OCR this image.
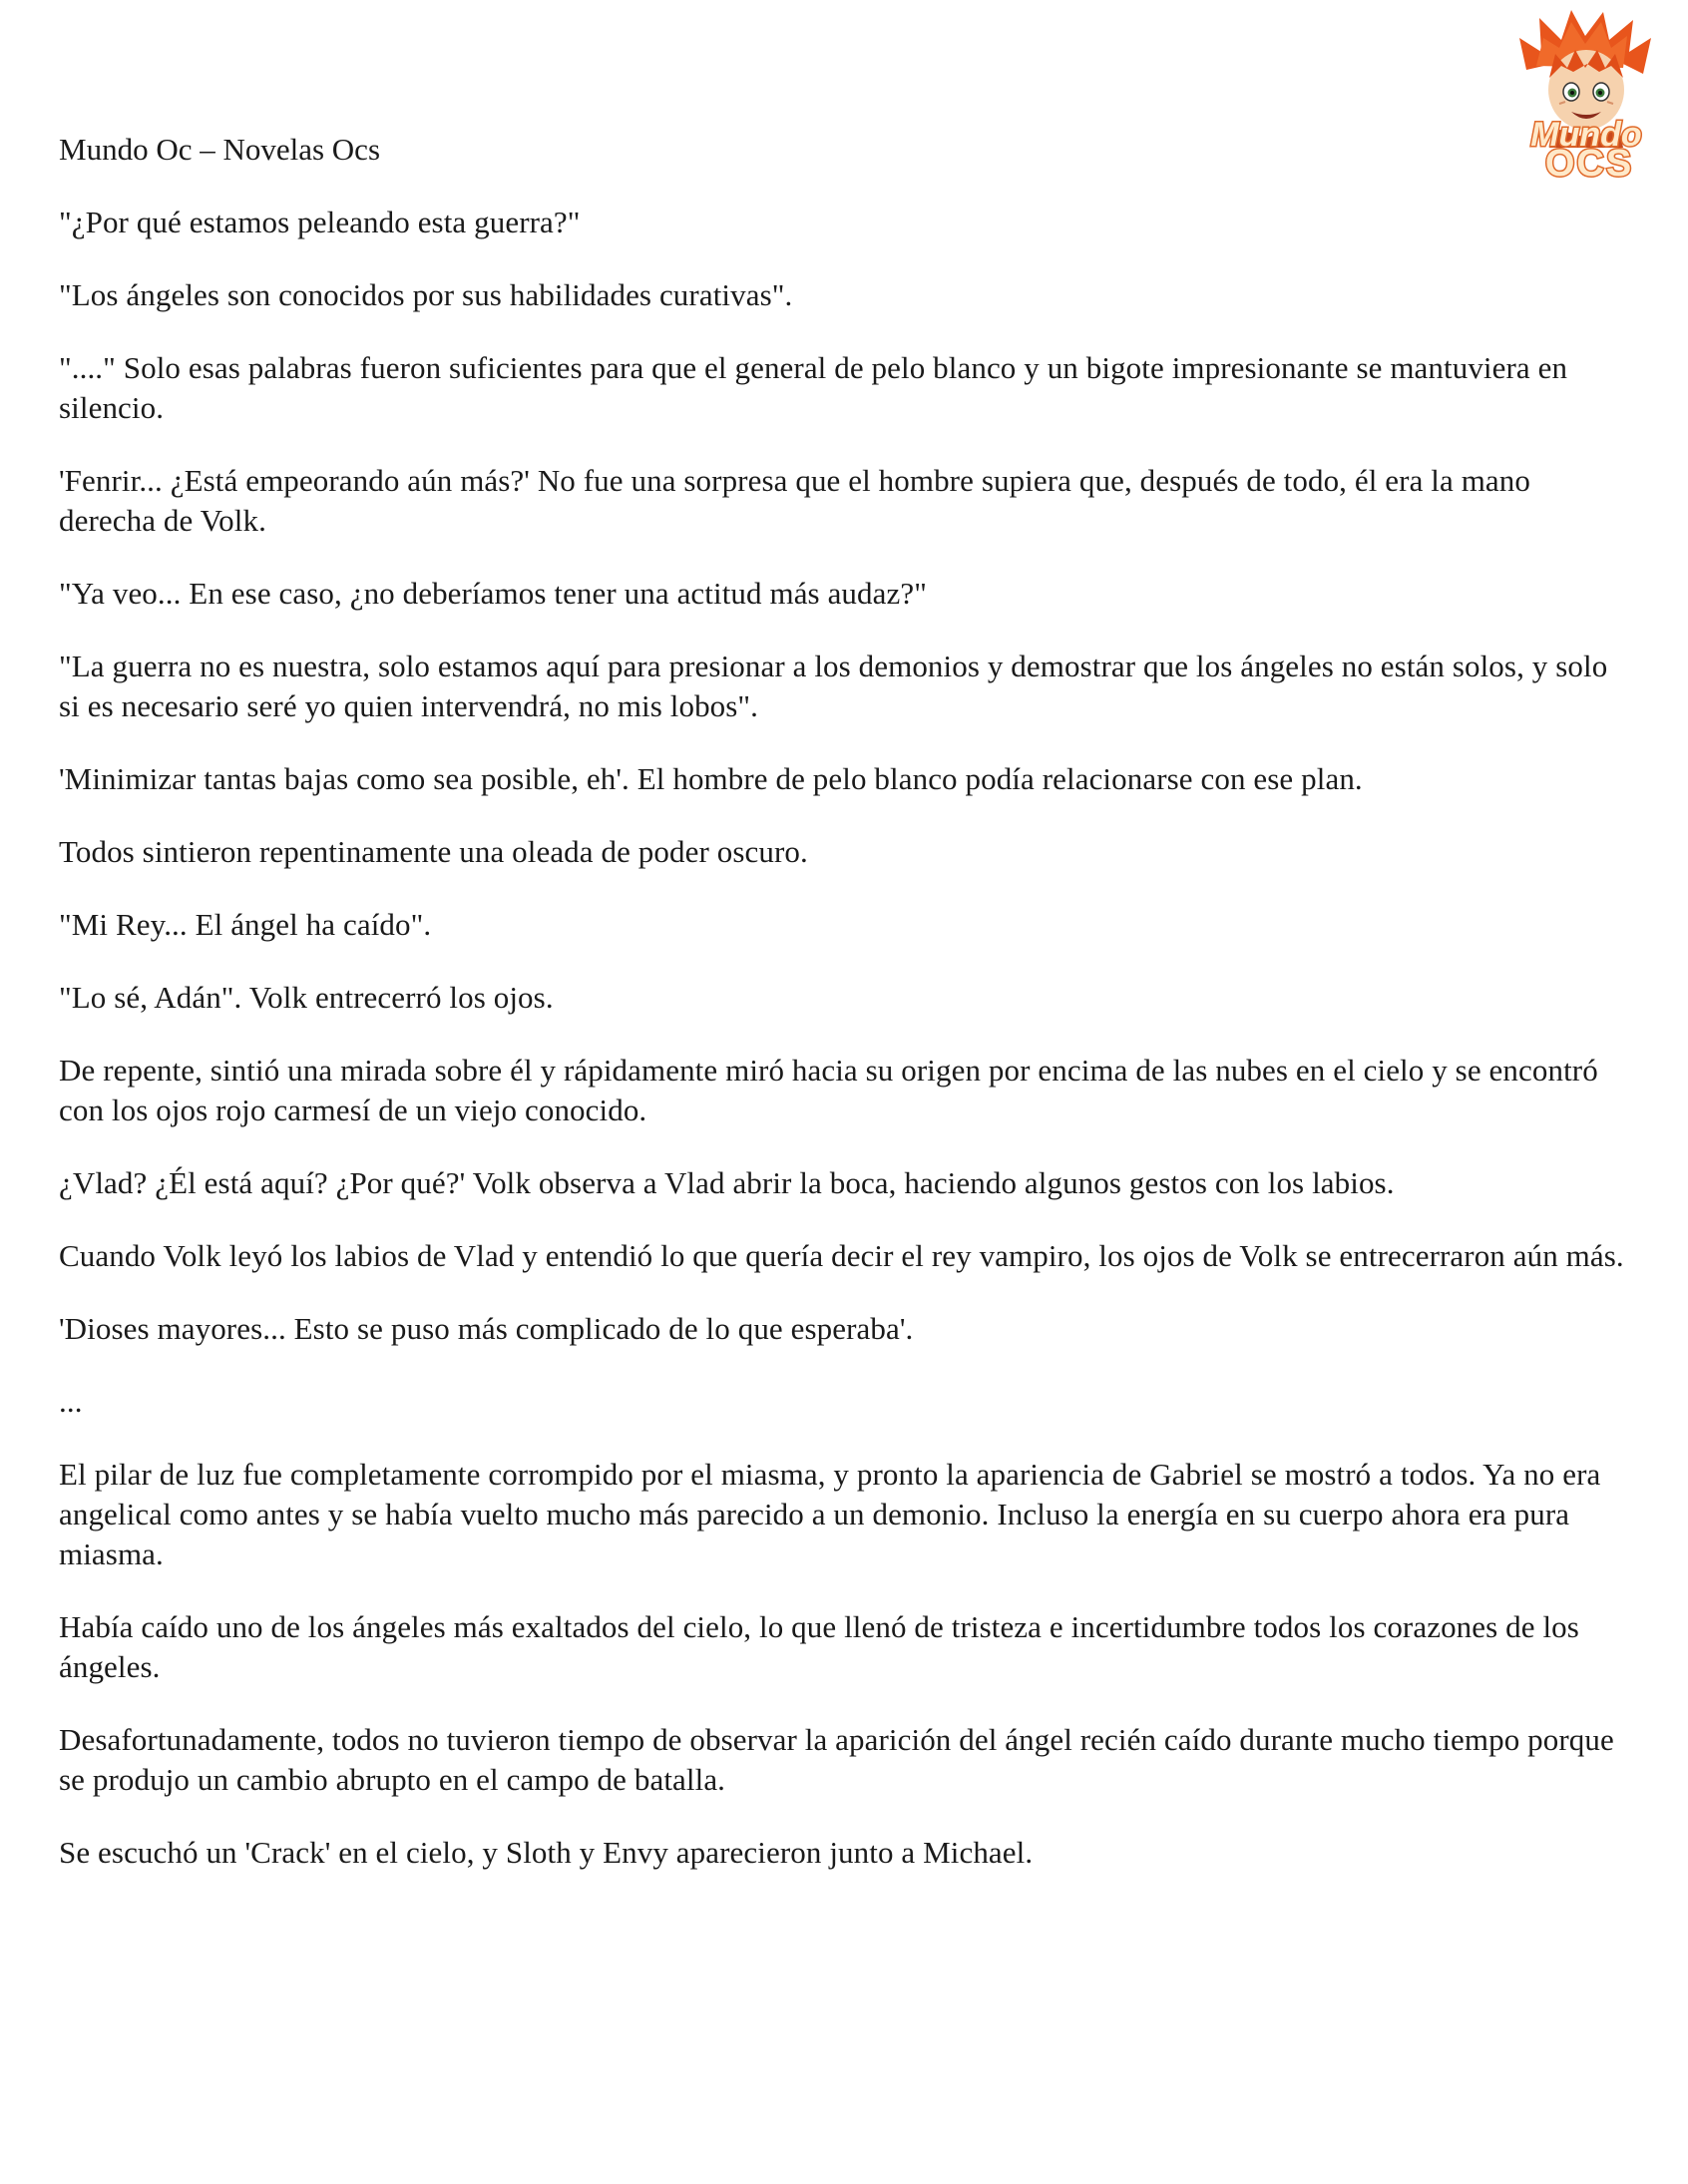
Mundo
OCS
Mundo Oc – Novelas Ocs

"¿Por qué estamos peleando esta guerra?"

"Los ángeles son conocidos por sus habilidades curativas".

"...." Solo esas palabras fueron suficientes para que el general de pelo blanco y un bigote impresionante se mantuviera en silencio.

'Fenrir... ¿Está empeorando aún más?' No fue una sorpresa que el hombre supiera que, después de todo, él era la mano derecha de Volk.

"Ya veo... En ese caso, ¿no deberíamos tener una actitud más audaz?"

"La guerra no es nuestra, solo estamos aquí para presionar a los demonios y demostrar que los ángeles no están solos, y solo si es necesario seré yo quien intervendrá, no mis lobos".

'Minimizar tantas bajas como sea posible, eh'. El hombre de pelo blanco podía relacionarse con ese plan.

Todos sintieron repentinamente una oleada de poder oscuro.

"Mi Rey... El ángel ha caído".

"Lo sé, Adán". Volk entrecerró los ojos.

De repente, sintió una mirada sobre él y rápidamente miró hacia su origen por encima de las nubes en el cielo y se encontró con los ojos rojo carmesí de un viejo conocido.

¿Vlad? ¿Él está aquí? ¿Por qué?' Volk observa a Vlad abrir la boca, haciendo algunos gestos con los labios.

Cuando Volk leyó los labios de Vlad y entendió lo que quería decir el rey vampiro, los ojos de Volk se entrecerraron aún más.

'Dioses mayores... Esto se puso más complicado de lo que esperaba'.

...

El pilar de luz fue completamente corrompido por el miasma, y pronto la apariencia de Gabriel se mostró a todos. Ya no era angelical como antes y se había vuelto mucho más parecido a un demonio. Incluso la energía en su cuerpo ahora era pura miasma.

Había caído uno de los ángeles más exaltados del cielo, lo que llenó de tristeza e incertidumbre todos los corazones de los ángeles.

Desafortunadamente, todos no tuvieron tiempo de observar la aparición del ángel recién caído durante mucho tiempo porque se produjo un cambio abrupto en el campo de batalla.

Se escuchó un 'Crack' en el cielo, y Sloth y Envy aparecieron junto a Michael.
